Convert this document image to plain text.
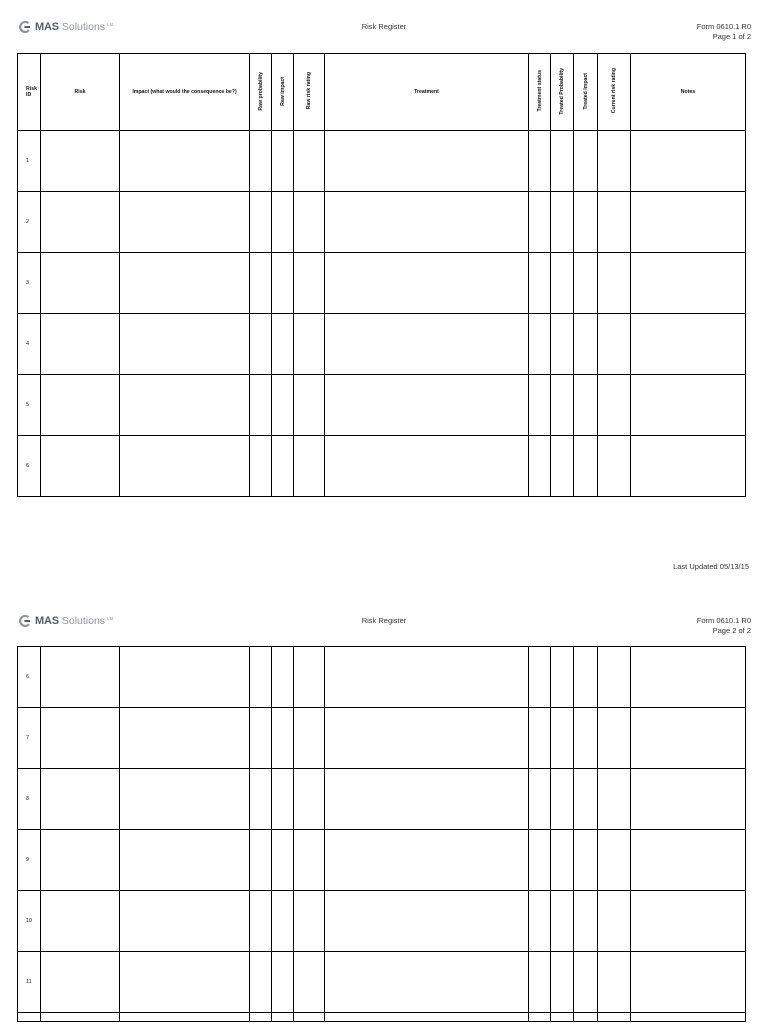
MAS Solutions Ltd	Risk Register	Form 0610.1 R0
Page 1 of 2
Risk ID	Risk	Impact (what would the consequence be?)	Raw probability	Raw impact	Raw risk rating	Treatment	Treatment status	Treated Probability	Treated Impact	Current risk rating	Notes
1											
2											
3											
4											
5											
6											
Last Updated 05/13/15
MAS Solutions Ltd	Risk Register	Form 0610.1 R0
Page 2 of 2
6											
7											
8											
9											
10											
11											
